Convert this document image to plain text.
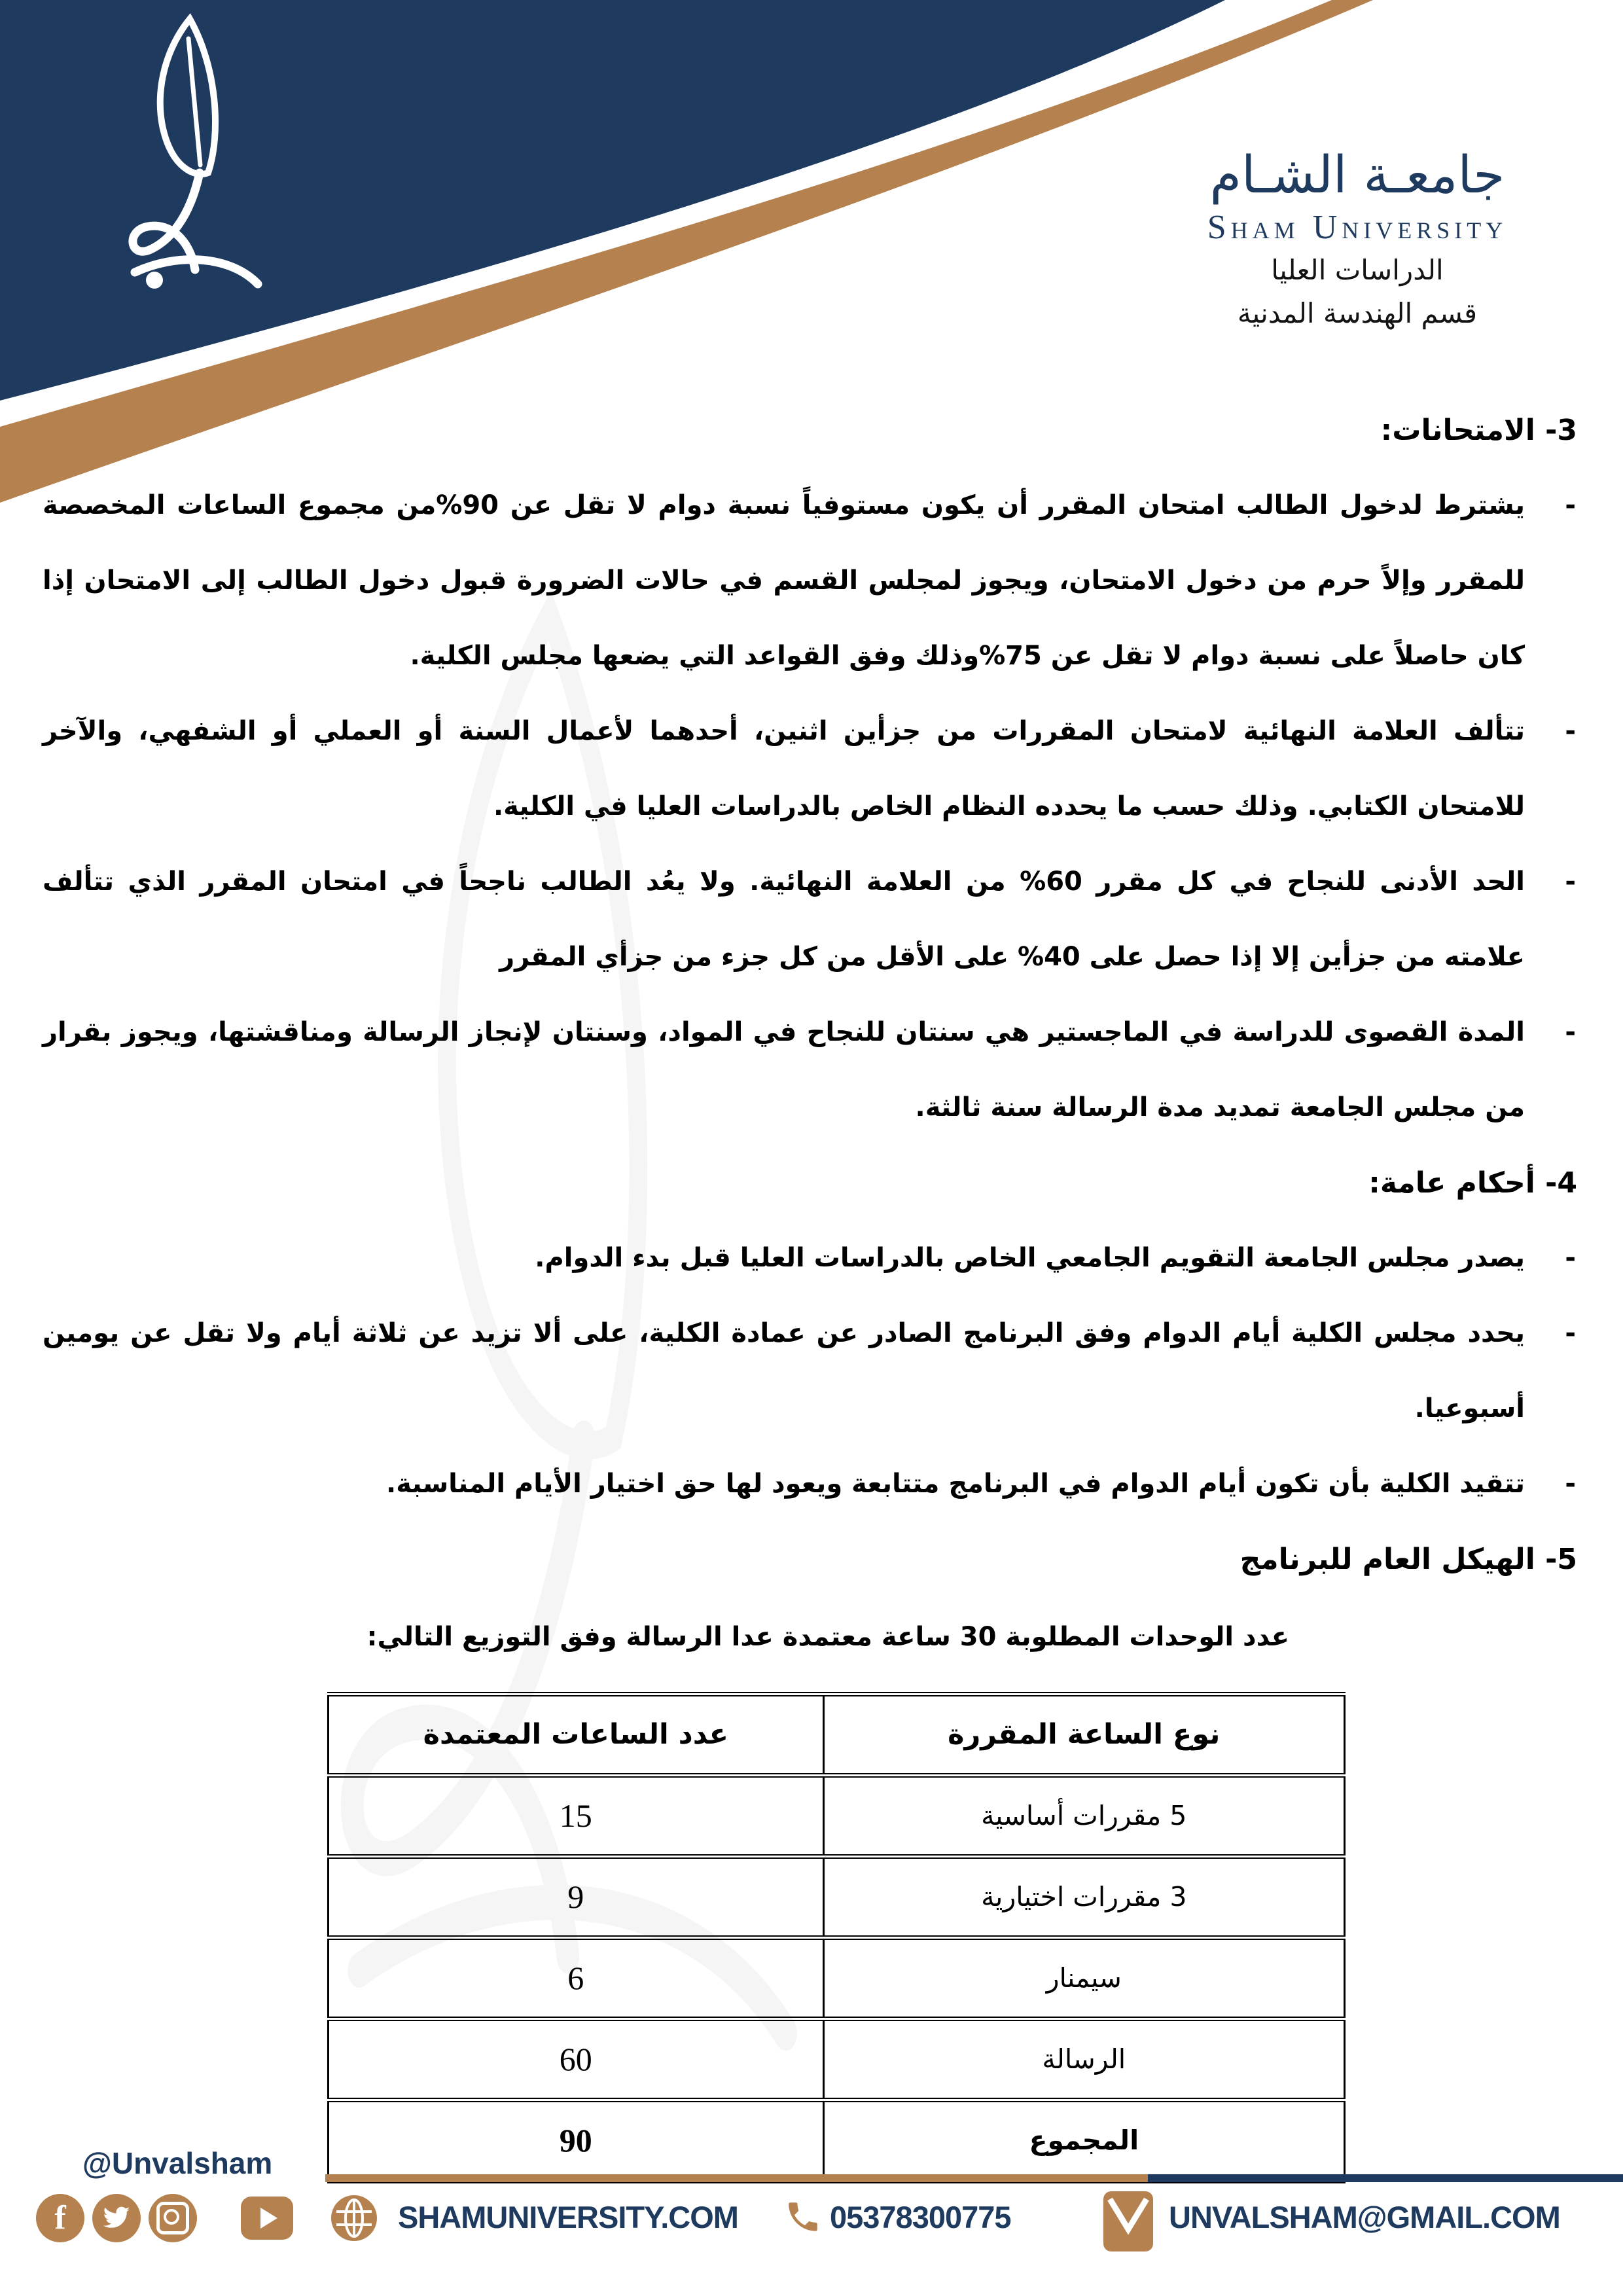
جامعـة الشـام
Sham University
الدراسات العليا
قسم الهندسة المدنية
3- الامتحانات:
-
يشترط لدخول الطالب امتحان المقرر أن يكون مستوفياً نسبة دوام لا تقل عن 90%من مجموع الساعات المخصصة للمقرر وإلاً حرم من دخول الامتحان، ويجوز لمجلس القسم في حالات الضرورة قبول دخول الطالب إلى الامتحان إذا كان حاصلاً على نسبة دوام لا تقل عن 75%وذلك وفق القواعد التي يضعها مجلس الكلية.
-
تتألف العلامة النهائية لامتحان المقررات من جزأين اثنين، أحدهما لأعمال السنة أو العملي أو الشفهي، والآخر للامتحان الكتابي. وذلك حسب ما يحدده النظام الخاص بالدراسات العليا في الكلية.
-
الحد الأدنى للنجاح في كل مقرر 60% من العلامة النهائية. ولا يعُد الطالب ناجحاً في امتحان المقرر الذي تتألف علامته من جزأين إلا إذا حصل على 40% على الأقل من كل جزء من جزأي المقرر
-
المدة القصوى للدراسة في الماجستير هي سنتان للنجاح في المواد، وسنتان لإنجاز الرسالة ومناقشتها، ويجوز بقرار من مجلس الجامعة تمديد مدة الرسالة سنة ثالثة.
4- أحكام عامة:
-
يصدر مجلس الجامعة التقويم الجامعي الخاص بالدراسات العليا قبل بدء الدوام.
-
يحدد مجلس الكلية أيام الدوام وفق البرنامج الصادر عن عمادة الكلية، على ألا تزيد عن ثلاثة أيام ولا تقل عن يومين أسبوعيا.
-
تتقيد الكلية بأن تكون أيام الدوام في البرنامج متتابعة ويعود لها حق اختيار الأيام المناسبة.
5- الهيكل العام للبرنامج

عدد الوحدات المطلوبة 30 ساعة معتمدة عدا الرسالة وفق التوزيع التالي:

نوع الساعة المقررة	عدد الساعات المعتمدة
5 مقررات أساسية	15
3 مقررات اختيارية	9
سيمنار	6
الرسالة	60
المجموع	90
@Unvalsham
f	SHAMUNIVERSITY.COM	05378300775	UNVALSHAM@GMAIL.COM
